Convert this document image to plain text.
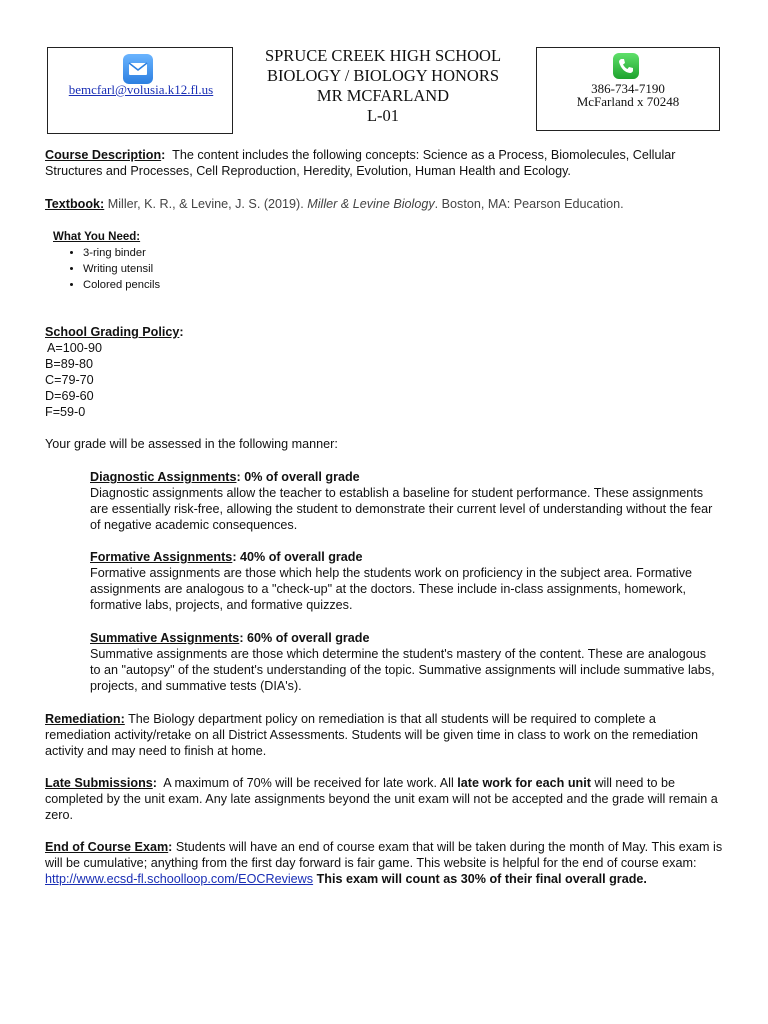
bemcfarl@volusia.k12.fl.us
SPRUCE CREEK HIGH SCHOOL
BIOLOGY / BIOLOGY HONORS
MR MCFARLAND
L-01
386-734-7190
McFarland x 70248
Course Description: The content includes the following concepts: Science as a Process, Biomolecules, Cellular Structures and Processes, Cell Reproduction, Heredity, Evolution, Human Health and Ecology.
Textbook: Miller, K. R., & Levine, J. S. (2019). Miller & Levine Biology. Boston, MA: Pearson Education.
What You Need:
• 3-ring binder
• Writing utensil
• Colored pencils
School Grading Policy:
A=100-90
B=89-80
C=79-70
D=69-60
F=59-0
Your grade will be assessed in the following manner:
Diagnostic Assignments: 0% of overall grade
Diagnostic assignments allow the teacher to establish a baseline for student performance. These assignments are essentially risk-free, allowing the student to demonstrate their current level of understanding without the fear of negative academic consequences.
Formative Assignments: 40% of overall grade
Formative assignments are those which help the students work on proficiency in the subject area. Formative assignments are analogous to a "check-up" at the doctors. These include in-class assignments, homework, formative labs, projects, and formative quizzes.
Summative Assignments: 60% of overall grade
Summative assignments are those which determine the student's mastery of the content. These are analogous to an "autopsy" of the student's understanding of the topic. Summative assignments will include summative labs, projects, and summative tests (DIA's).
Remediation: The Biology department policy on remediation is that all students will be required to complete a remediation activity/retake on all District Assessments. Students will be given time in class to work on the remediation activity and may need to finish at home.
Late Submissions: A maximum of 70% will be received for late work. All late work for each unit will need to be completed by the unit exam. Any late assignments beyond the unit exam will not be accepted and the grade will remain a zero.
End of Course Exam: Students will have an end of course exam that will be taken during the month of May. This exam is will be cumulative; anything from the first day forward is fair game. This website is helpful for the end of course exam:  http://www.ecsd-fl.schoolloop.com/EOCReviews This exam will count as 30% of their final overall grade.
